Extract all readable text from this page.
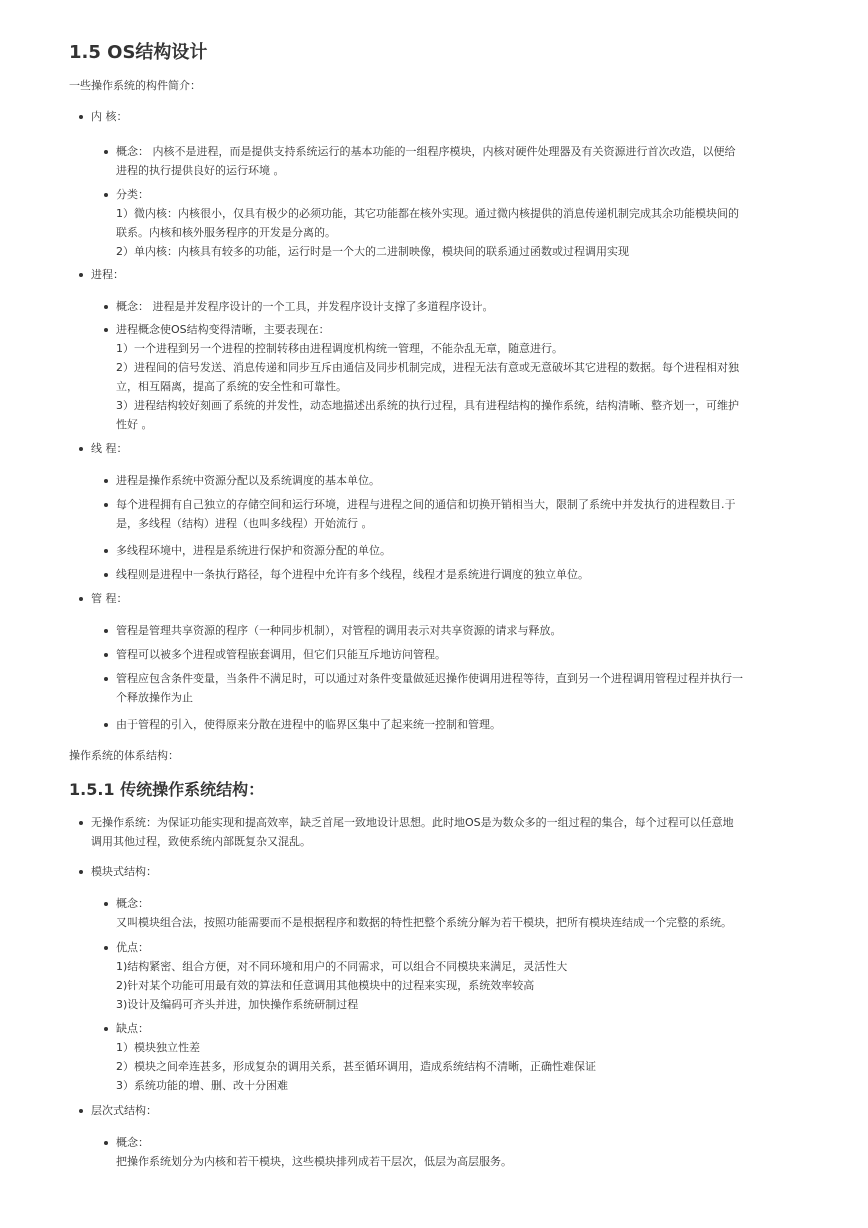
1.5 OS结构设计

一些操作系统的构件简介：

内 核：
概念： 内核不是进程，而是提供支持系统运行的基本功能的一组程序模块，内核对硬件处理器及有关资源进行首次改造，以便给
进程的执行提供良好的运行环境 。
分类：
1）微内核：内核很小，仅具有极少的必须功能，其它功能都在核外实现。通过微内核提供的消息传递机制完成其余功能模块间的
联系。内核和核外服务程序的开发是分离的。
2）单内核：内核具有较多的功能，运行时是一个大的二进制映像，模块间的联系通过函数或过程调用实现
进程：
概念： 进程是并发程序设计的一个工具，并发程序设计支撑了多道程序设计。
进程概念使OS结构变得清晰，主要表现在：
1）一个进程到另一个进程的控制转移由进程调度机构统一管理，不能杂乱无章，随意进行。
2）进程间的信号发送、消息传递和同步互斥由通信及同步机制完成，进程无法有意或无意破坏其它进程的数据。每个进程相对独
立，相互隔离，提高了系统的安全性和可靠性。
3）进程结构较好刻画了系统的并发性，动态地描述出系统的执行过程，具有进程结构的操作系统，结构清晰、整齐划一，可维护
性好 。
线 程：
进程是操作系统中资源分配以及系统调度的基本单位。
每个进程拥有自己独立的存储空间和运行环境，进程与进程之间的通信和切换开销相当大，限制了系统中并发执行的进程数目.于
是，多线程（结构）进程（也叫多线程）开始流行 。
多线程环境中，进程是系统进行保护和资源分配的单位。
线程则是进程中一条执行路径，每个进程中允许有多个线程，线程才是系统进行调度的独立单位。
管 程：
管程是管理共享资源的程序（一种同步机制），对管程的调用表示对共享资源的请求与释放。
管程可以被多个进程或管程嵌套调用，但它们只能互斥地访问管程。
管程应包含条件变量，当条件不满足时，可以通过对条件变量做延迟操作使调用进程等待，直到另一个进程调用管程过程并执行一
个释放操作为止
由于管程的引入，使得原来分散在进程中的临界区集中了起来统一控制和管理。

操作系统的体系结构：

1.5.1 传统操作系统结构：
无操作系统：为保证功能实现和提高效率，缺乏首尾一致地设计思想。此时地OS是为数众多的一组过程的集合，每个过程可以任意地
调用其他过程，致使系统内部既复杂又混乱。
模块式结构：
概念：
又叫模块组合法，按照功能需要而不是根据程序和数据的特性把整个系统分解为若干模块，把所有模块连结成一个完整的系统。
优点：
1)结构紧密、组合方便，对不同环境和用户的不同需求，可以组合不同模块来满足，灵活性大
2)针对某个功能可用最有效的算法和任意调用其他模块中的过程来实现，系统效率较高
3)设计及编码可齐头并进，加快操作系统研制过程
缺点：
1）模块独立性差
2）模块之间牵连甚多，形成复杂的调用关系，甚至循环调用，造成系统结构不清晰，正确性难保证
3）系统功能的增、删、改十分困难
层次式结构：
概念：
把操作系统划分为内核和若干模块，这些模块排列成若干层次，低层为高层服务。
